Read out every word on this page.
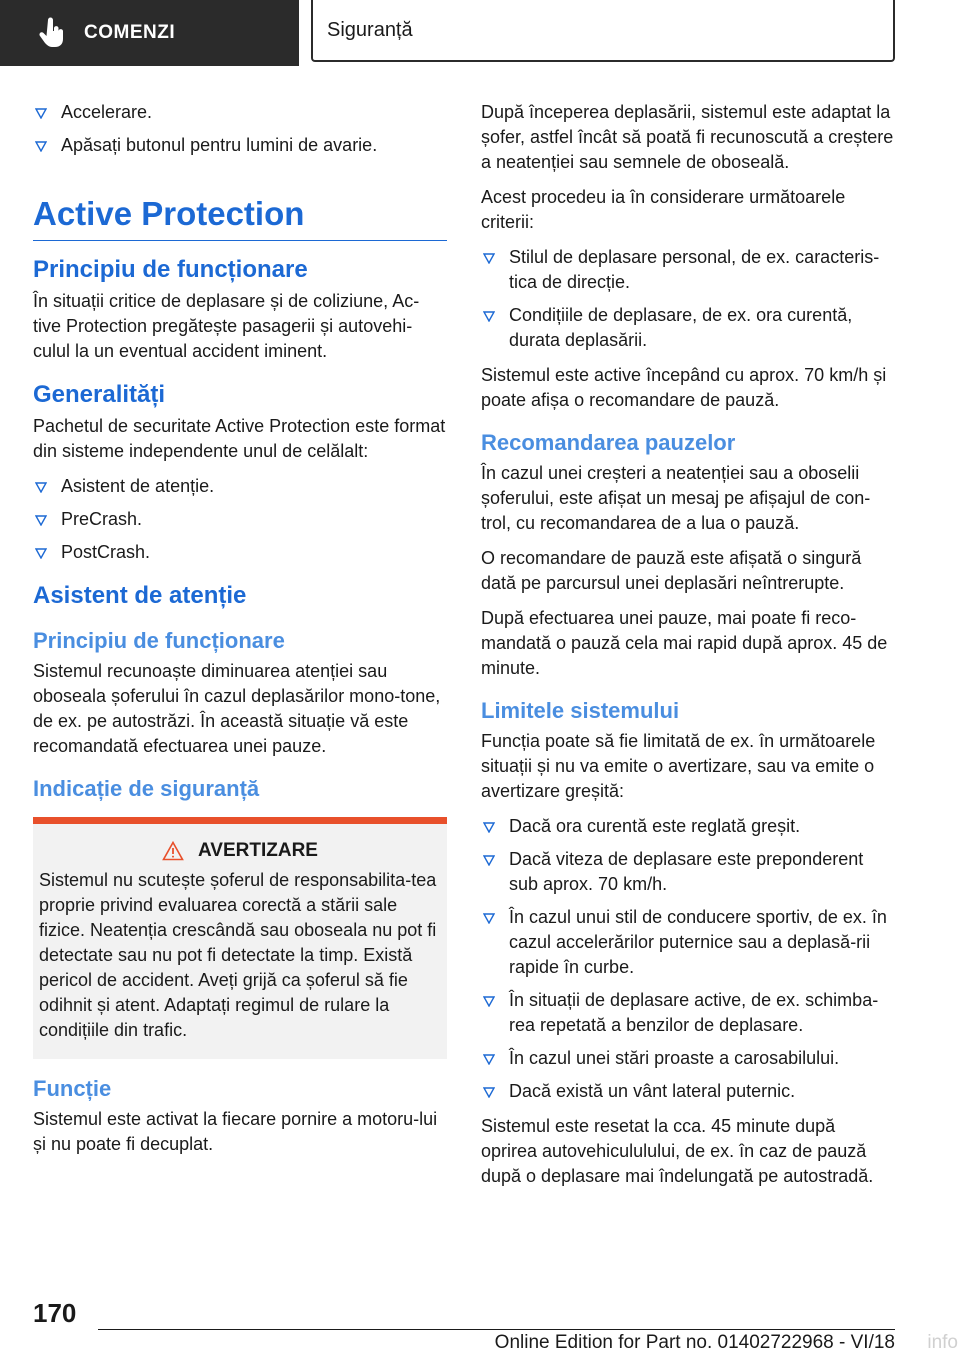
COMENZI	Siguranță
Accelerare.
Apăsați butonul pentru lumini de avarie.
Active Protection
Principiu de funcționare

În situații critice de deplasare și de coliziune, Ac-tive Protection pregătește pasagerii și autovehi-culul la un eventual accident iminent.

Generalități

Pachetul de securitate Active Protection este format din sisteme independente unul de celălalt:

Asistent de atenție.
PreCrash.
PostCrash.
Asistent de atenție
Principiu de funcționare

Sistemul recunoaște diminuarea atenției sau oboseala șoferului în cazul deplasărilor mono-tone, de ex. pe autostrăzi. În această situație vă este recomandată efectuarea unei pauze.

Indicație de siguranță
AVERTIZARE

Sistemul nu scutește șoferul de responsabilita-tea proprie privind evaluarea corectă a stării sale fizice. Neatenția crescândă sau oboseala nu pot fi detectate sau nu pot fi detectate la timp. Există pericol de accident. Aveți grijă ca șoferul să fie odihnit și atent. Adaptați regimul de rulare la condițiile din trafic.

Funcție

Sistemul este activat la fiecare pornire a motoru-lui și nu poate fi decuplat.

După începerea deplasării, sistemul este adaptat la șofer, astfel încât să poată fi recunoscută a creștere a neatenției sau semnele de oboseală.

Acest procedeu ia în considerare următoarele criterii:

Stilul de deplasare personal, de ex. caracteris-tica de direcție.
Condițiile de deplasare, de ex. ora curentă, durata deplasării.

Sistemul este active începând cu aprox. 70 km/h și poate afișa o recomandare de pauză.

Recomandarea pauzelor

În cazul unei creșteri a neatenției sau a oboselii șoferului, este afișat un mesaj pe afișajul de con-trol, cu recomandarea de a lua o pauză.

O recomandare de pauză este afișată o singură dată pe parcursul unei deplasări neîntrerupte.

După efectuarea unei pauze, mai poate fi reco-mandată o pauză cela mai rapid după aprox. 45 de minute.

Limitele sistemului

Funcția poate să fie limitată de ex. în următoarele situații și nu va emite o avertizare, sau va emite o avertizare greșită:

Dacă ora curentă este reglată greșit.
Dacă viteza de deplasare este preponderent sub aprox. 70 km/h.
În cazul unui stil de conducere sportiv, de ex. în cazul accelerărilor puternice sau a deplasă-rii rapide în curbe.
În situații de deplasare active, de ex. schimba-rea repetată a benzilor de deplasare.
În cazul unei stări proaste a carosabilului.
Dacă există un vânt lateral puternic.

Sistemul este resetat la cca. 45 minute după oprirea autovehicululului, de ex. în caz de pauză după o deplasare mai îndelungată pe autostradă.

170
Online Edition for Part no. 01402722968 - VI/18 info
